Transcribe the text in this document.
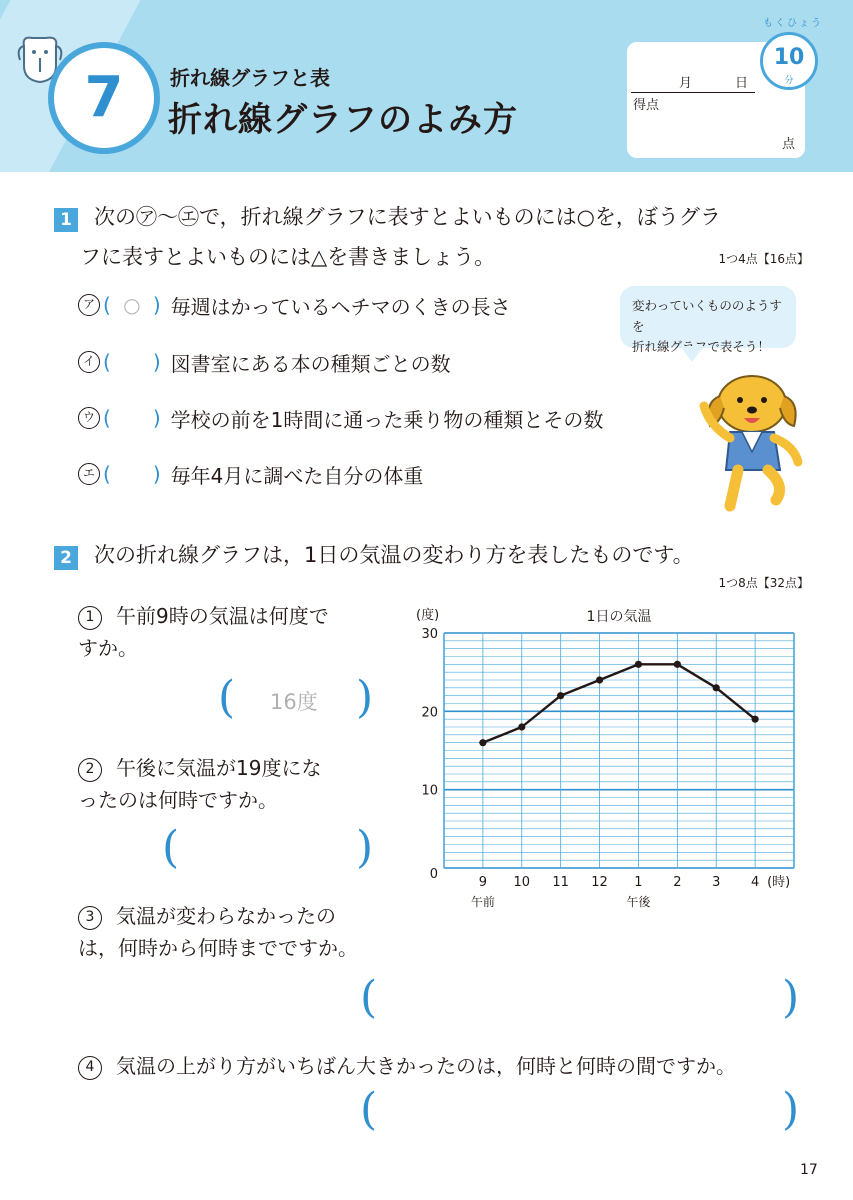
7 折れ線グラフと表
折れ線グラフのよみ方
月	日
得点
点
もくひょう
10
分
1 次の㋐～㋓で，折れ線グラフに表すとよいものには○を，ぼうグラ
フに表すとよいものには△を書きましょう。	1つ4点【16点】
ア ( ○ ) 毎週はかっているヘチマのくきの長さ
イ ( ) 図書室にある本の種類ごとの数
ウ ( ) 学校の前を1時間に通った乗り物の種類とその数
エ ( ) 毎年4月に調べた自分の体重
変わっていくもののようすを
折れ線グラフで表そう！
2 次の折れ線グラフは，1日の気温の変わり方を表したものです。
1つ8点【32点】
1 午前9時の気温は何度で
すか。
( 16度 )
2 午後に気温が19度にな
ったのは何時ですか。
(	)
3 気温が変わらなかったの
は，何時から何時までですか。
(	)
4 気温の上がり方がいちばん大きかったのは，何時と何時の間ですか。
(	)
1日の気温
(度)
0
10
20
30
9 10 11 12 1 2 3 4 (時)
午前	午後
17
